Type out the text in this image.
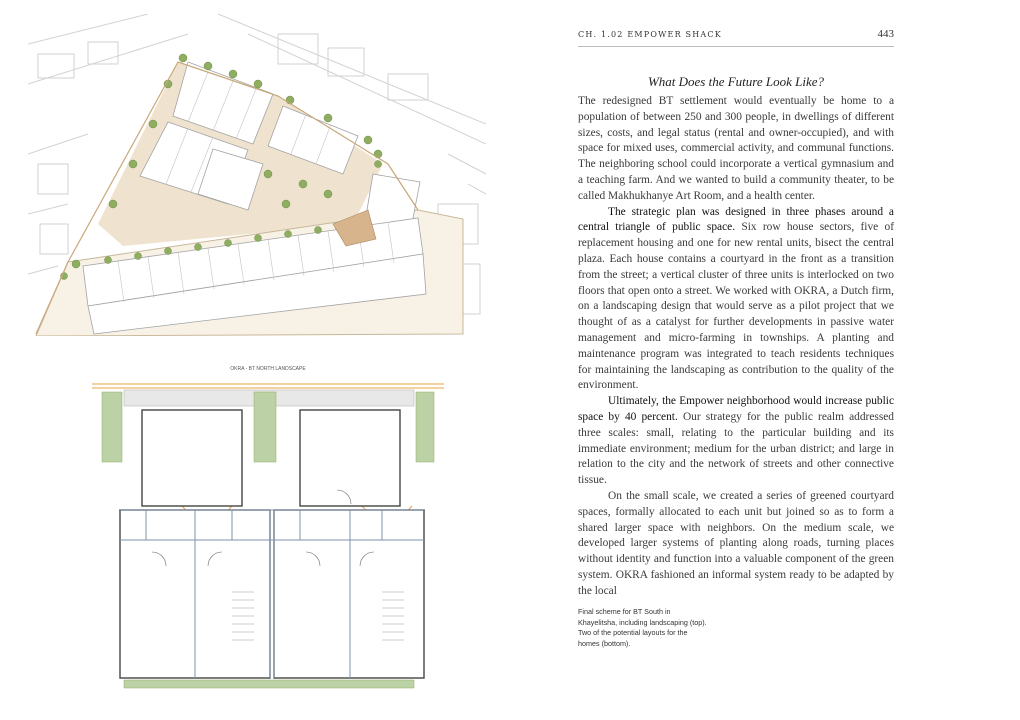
OKRA - BT NORTH LANDSCAPE
CH. 1.02 EMPOWER SHACK	443
What Does the Future Look Like?

The redesigned BT settlement would eventually be home to a population of between 250 and 300 people, in dwellings of different sizes, costs, and legal status (rental and owner-occupied), and with space for mixed uses, commercial activity, and communal functions. The neighboring school could incorporate a vertical gymnasium and a teaching farm. And we wanted to build a community theater, to be called Makhukhanye Art Room, and a health center.

The strategic plan was designed in three phases around a central triangle of public space. Six row house sectors, five of replacement housing and one for new rental units, bisect the central plaza. Each house contains a courtyard in the front as a transition from the street; a vertical cluster of three units is interlocked on two floors that open onto a street. We worked with OKRA, a Dutch firm, on a landscaping design that would serve as a pilot project that we thought of as a catalyst for further developments in passive water management and micro-farming in townships. A planting and maintenance program was integrated to teach residents techniques for maintaining the landscaping as contribution to the quality of the environment.

Ultimately, the Empower neighborhood would increase public space by 40 percent. Our strategy for the public realm addressed three scales: small, relating to the particular building and its immediate environment; medium for the urban district; and large in relation to the city and the network of streets and other connective tissue.

On the small scale, we created a series of greened courtyard spaces, formally allocated to each unit but joined so as to form a shared larger space with neighbors. On the medium scale, we developed larger systems of planting along roads, turning places without identity and function into a valuable component of the green system. OKRA fashioned an informal system ready to be adapted by the local

Final scheme for BT South in Khayelitsha, including landscaping (top). Two of the potential layouts for the homes (bottom).
